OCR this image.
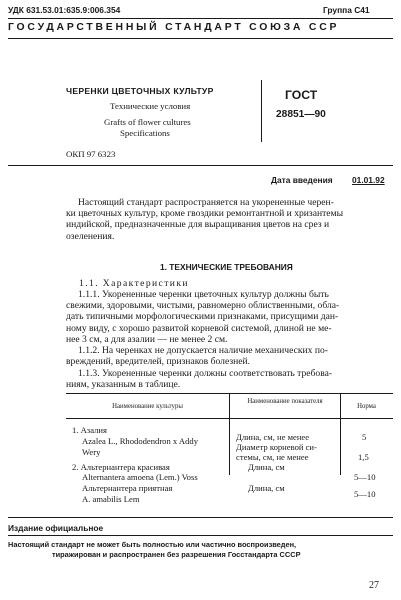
УДК 631.53.01:635.9:006.354	Группа С41
ГОСУДАРСТВЕННЫЙ СТАНДАРТ СОЮЗА ССР
ЧЕРЕНКИ ЦВЕТОЧНЫХ КУЛЬТУР
Технические условия
Grafts of flower cultures
Specifications
ГОСТ
28851—90
ОКП 97 6323
Дата введения 01.01.92
Настоящий стандарт распространяется на укорененные черен-
ки цветочных культур, кроме гвоздики ремонтантной и хризантемы
индийской, предназначенные для выращивания цветов на срез и
озеленения.
1. ТЕХНИЧЕСКИЕ ТРЕБОВАНИЯ
1.1. Характеристики
1.1.1. Укорененные черенки цветочных культур должны быть
свежими, здоровыми, чистыми, равномерно облиственными, обла-
дать типичными морфологическими признаками, присущими дан-
ному виду, с хорошо развитой корневой системой, длиной не ме-
нее 3 см, а для азалии — не менее 2 см.
1.1.2. На черенках не допускается наличие механических по-
вреждений, вредителей, признаков болезней.
1.1.3. Укорененные черенки должны соответствовать требова-
ниям, указанным в таблице.
Наименование культуры
Наименование показателя
Норма
1. Азалия
Azalea L., Rhododendron x Addy
Wery
Длина, см, не менее
Диаметр корневой си-
стемы, см, не менее
5
1,5
2. Альтернантера красивая
Alternantera amoena (Lem.) Voss
Альтернантера приятная
A. amabilis Lem
Длина, см
Длина, см
5—10
5—10
Издание официальное
Настоящий стандарт не может быть полностью или частично воспроизведен,
тиражирован и распространен без разрешения Госстандарта СССР
27
